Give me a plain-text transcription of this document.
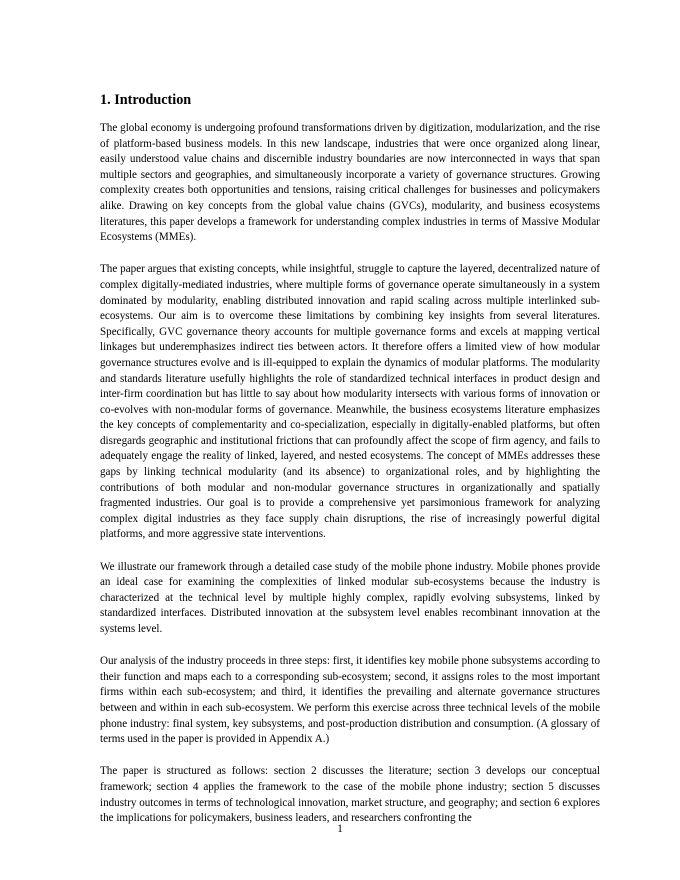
1. Introduction

The global economy is undergoing profound transformations driven by digitization, modularization, and the rise of platform-based business models. In this new landscape, industries that were once organized along linear, easily understood value chains and discernible industry boundaries are now interconnected in ways that span multiple sectors and geographies, and simultaneously incorporate a variety of governance structures. Growing complexity creates both opportunities and tensions, raising critical challenges for businesses and policymakers alike. Drawing on key concepts from the global value chains (GVCs), modularity, and business ecosystems literatures, this paper develops a framework for understanding complex industries in terms of Massive Modular Ecosystems (MMEs).

The paper argues that existing concepts, while insightful, struggle to capture the layered, decentralized nature of complex digitally-mediated industries, where multiple forms of governance operate simultaneously in a system dominated by modularity, enabling distributed innovation and rapid scaling across multiple interlinked sub-ecosystems. Our aim is to overcome these limitations by combining key insights from several literatures. Specifically, GVC governance theory accounts for multiple governance forms and excels at mapping vertical linkages but underemphasizes indirect ties between actors. It therefore offers a limited view of how modular governance structures evolve and is ill-equipped to explain the dynamics of modular platforms. The modularity and standards literature usefully highlights the role of standardized technical interfaces in product design and inter-firm coordination but has little to say about how modularity intersects with various forms of innovation or co-evolves with non-modular forms of governance. Meanwhile, the business ecosystems literature emphasizes the key concepts of complementarity and co-specialization, especially in digitally-enabled platforms, but often disregards geographic and institutional frictions that can profoundly affect the scope of firm agency, and fails to adequately engage the reality of linked, layered, and nested ecosystems. The concept of MMEs addresses these gaps by linking technical modularity (and its absence) to organizational roles, and by highlighting the contributions of both modular and non-modular governance structures in organizationally and spatially fragmented industries. Our goal is to provide a comprehensive yet parsimonious framework for analyzing complex digital industries as they face supply chain disruptions, the rise of increasingly powerful digital platforms, and more aggressive state interventions.

We illustrate our framework through a detailed case study of the mobile phone industry. Mobile phones provide an ideal case for examining the complexities of linked modular sub-ecosystems because the industry is characterized at the technical level by multiple highly complex, rapidly evolving subsystems, linked by standardized interfaces. Distributed innovation at the subsystem level enables recombinant innovation at the systems level.

Our analysis of the industry proceeds in three steps: first, it identifies key mobile phone subsystems according to their function and maps each to a corresponding sub-ecosystem; second, it assigns roles to the most important firms within each sub-ecosystem; and third, it identifies the prevailing and alternate governance structures between and within in each sub-ecosystem. We perform this exercise across three technical levels of the mobile phone industry: final system, key subsystems, and post-production distribution and consumption. (A glossary of terms used in the paper is provided in Appendix A.)

The paper is structured as follows: section 2 discusses the literature; section 3 develops our conceptual framework; section 4 applies the framework to the case of the mobile phone industry; section 5 discusses industry outcomes in terms of technological innovation, market structure, and geography; and section 6 explores the implications for policymakers, business leaders, and researchers confronting the

1
